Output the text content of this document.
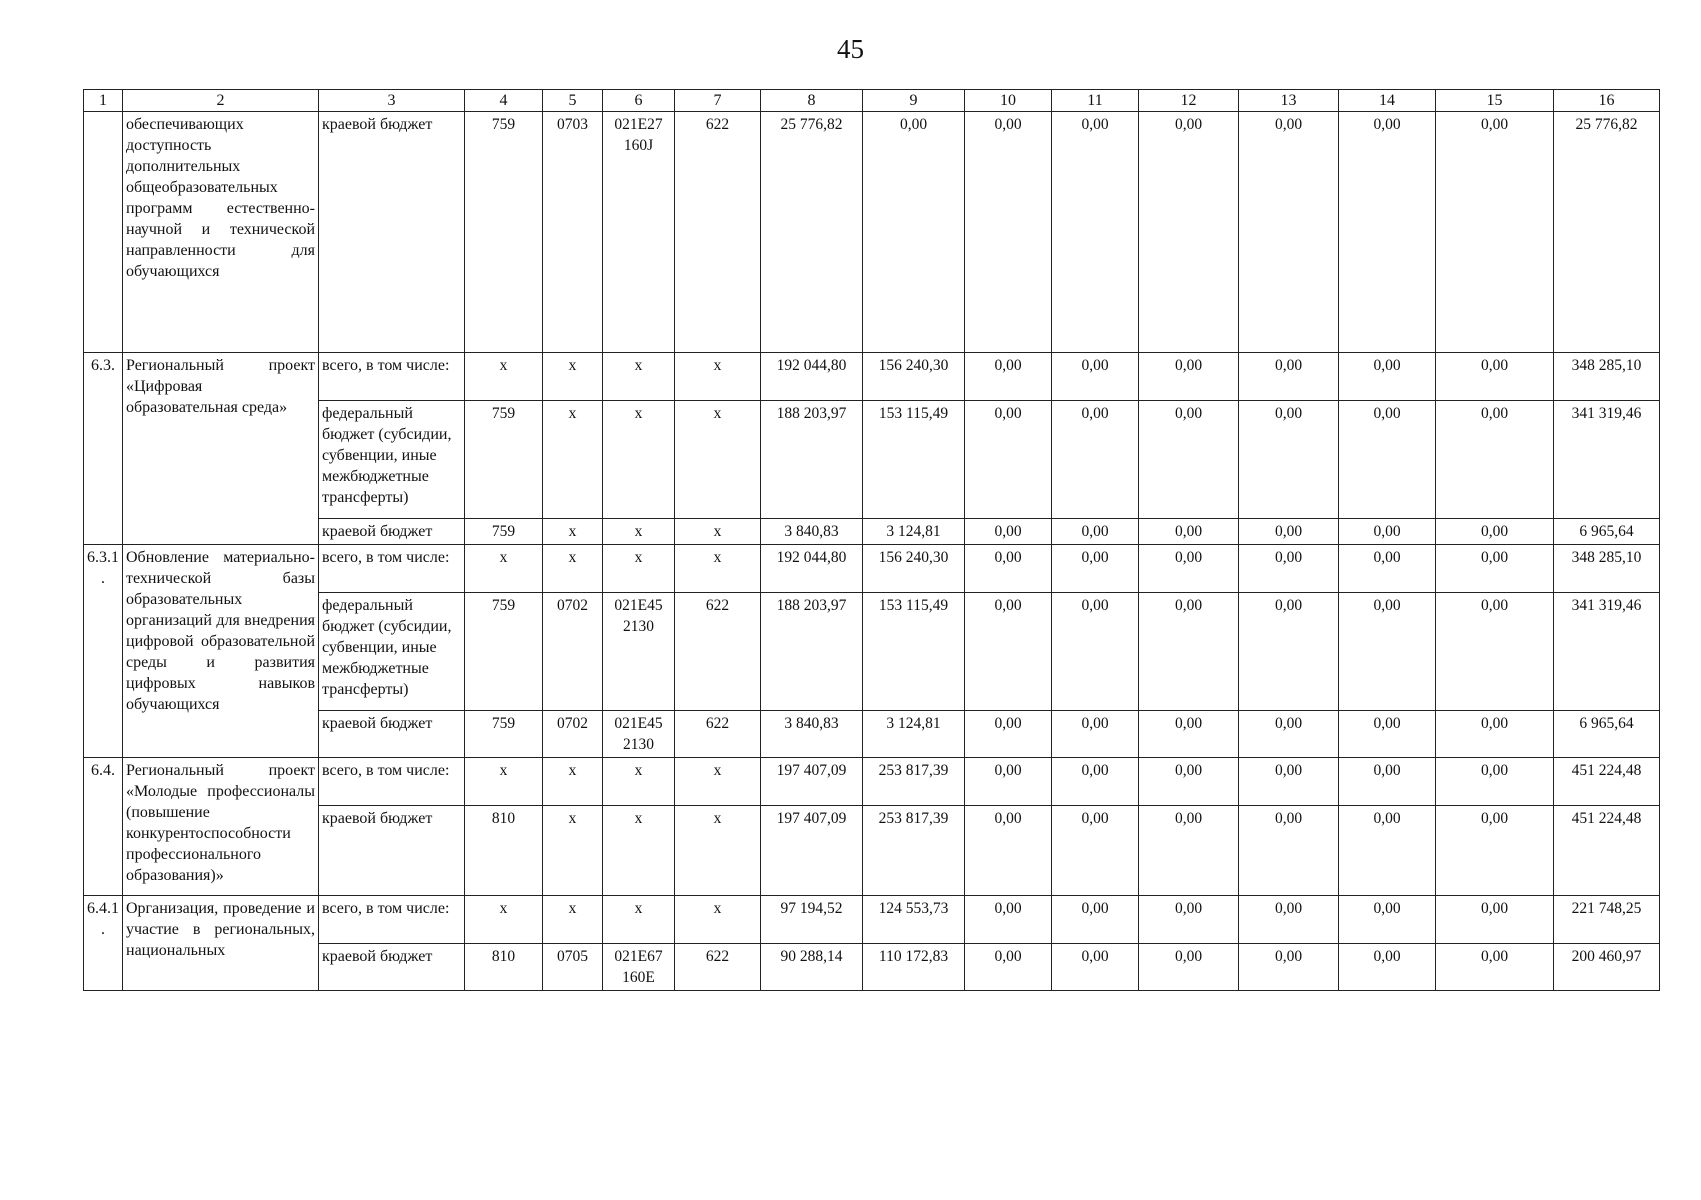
45
1	2	3	4	5	6	7	8	9	10	11	12	13	14	15	16
	обеспечивающих доступность дополнительных общеобразовательных программ естественно-научной и технической направленности для обучающихся	краевой бюджет	759	0703	021E27 160J	622	25 776,82	0,00	0,00	0,00	0,00	0,00	0,00	0,00	25 776,82
6.3.	Региональный проект «Цифровая образовательная среда»	всего, в том числе:	x	x	x	x	192 044,80	156 240,30	0,00	0,00	0,00	0,00	0,00	0,00	348 285,10
		федеральный бюджет (субсидии, субвенции, иные межбюджетные трансферты)	759	x	x	x	188 203,97	153 115,49	0,00	0,00	0,00	0,00	0,00	0,00	341 319,46
		краевой бюджет	759	x	x	x	3 840,83	3 124,81	0,00	0,00	0,00	0,00	0,00	0,00	6 965,64
6.3.1.	Обновление материально-технической базы образовательных организаций для внедрения цифровой образовательной среды и развития цифровых навыков обучающихся	всего, в том числе:	x	x	x	x	192 044,80	156 240,30	0,00	0,00	0,00	0,00	0,00	0,00	348 285,10
		федеральный бюджет (субсидии, субвенции, иные межбюджетные трансферты)	759	0702	021E45 2130	622	188 203,97	153 115,49	0,00	0,00	0,00	0,00	0,00	0,00	341 319,46
		краевой бюджет	759	0702	021E45 2130	622	3 840,83	3 124,81	0,00	0,00	0,00	0,00	0,00	0,00	6 965,64
6.4.	Региональный проект «Молодые профессионалы (повышение конкурентоспособности профессионального образования)»	всего, в том числе:	x	x	x	x	197 407,09	253 817,39	0,00	0,00	0,00	0,00	0,00	0,00	451 224,48
		краевой бюджет	810	x	x	x	197 407,09	253 817,39	0,00	0,00	0,00	0,00	0,00	0,00	451 224,48
6.4.1.	Организация, проведение и участие в региональных, национальных	всего, в том числе:	x	x	x	x	97 194,52	124 553,73	0,00	0,00	0,00	0,00	0,00	0,00	221 748,25
		краевой бюджет	810	0705	021E67 160E	622	90 288,14	110 172,83	0,00	0,00	0,00	0,00	0,00	0,00	200 460,97
